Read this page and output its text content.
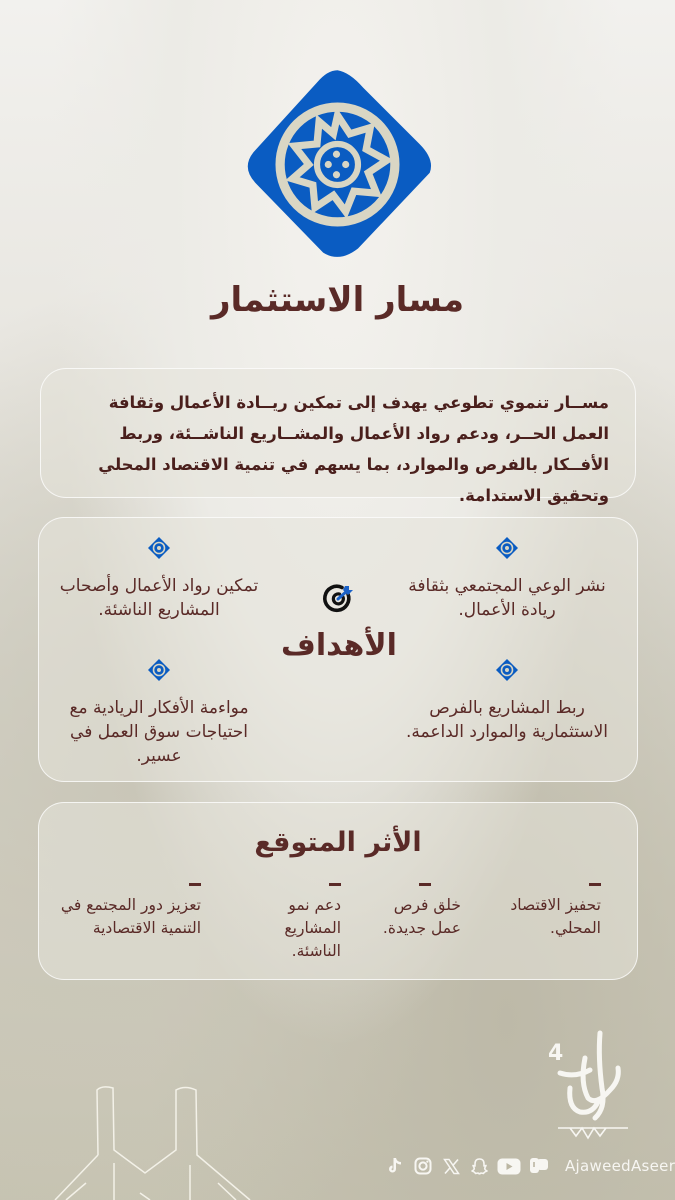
مسار الاستثمار

مســار تنموي تطوعي يهدف إلى تمكين ريــادة الأعمال وثقافة العمل الحــر، ودعم رواد الأعمال والمشــاريع الناشــئة، وربط الأفــكار بالفرص والموارد، بما يسهم في تنمية الاقتصاد المحلي وتحقيق الاستدامة.

نشر الوعي المجتمعي بثقافة ريادة الأعمال.
تمكين رواد الأعمال وأصحاب المشاريع الناشئة.
ربط المشاريع بالفرص الاستثمارية والموارد الداعمة.
مواءمة الأفكار الريادية مع احتياجات سوق العمل في عسير.
الأهداف
الأثر المتوقع
تحفيز الاقتصاد المحلي.
خلق فرص عمل جديدة.
دعم نمو المشاريع الناشئة.
تعزيز دور المجتمع في التنمية الاقتصادية
4
AjaweedAseer
